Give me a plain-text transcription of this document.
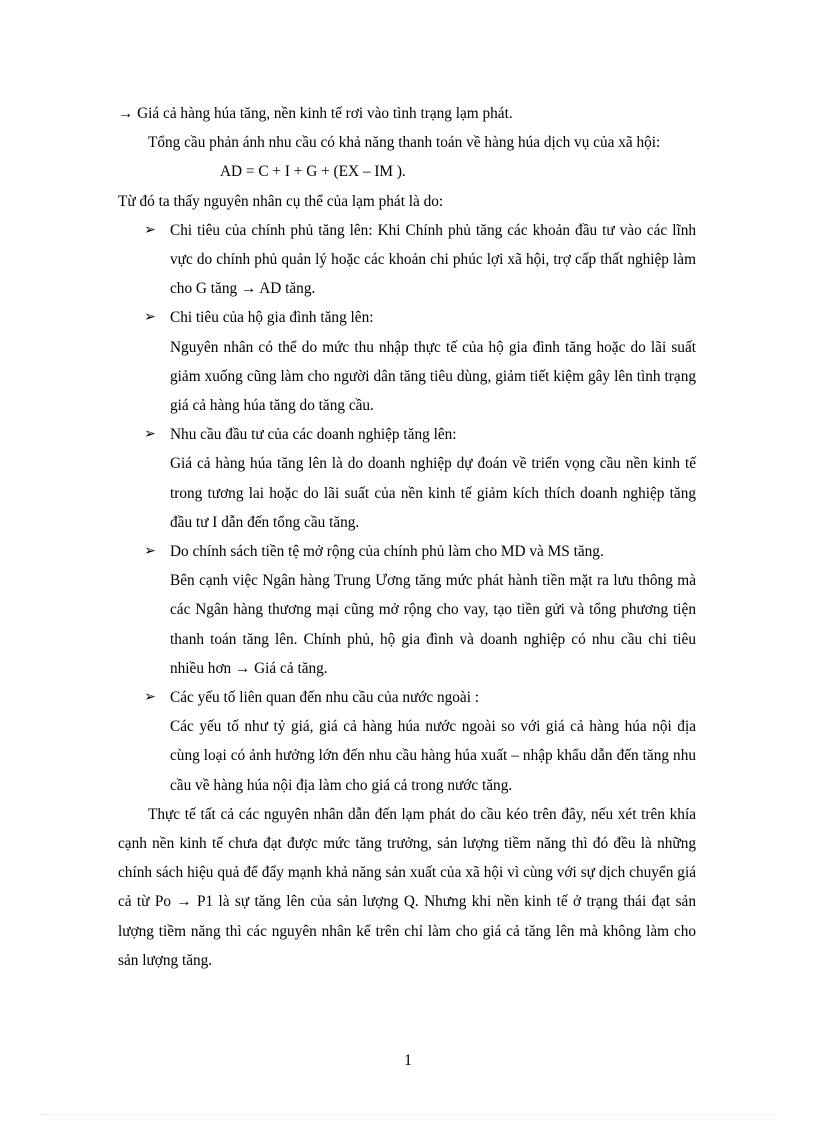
→ Giá cả hàng húa tăng, nền kinh tế rơi vào tình trạng lạm phát.

Tổng cầu phản ánh nhu cầu có khả năng thanh toán về hàng húa dịch vụ của xã hội:

AD = C + I + G + (EX – IM ).

Từ đó ta thấy nguyên nhân cụ thể của lạm phát là do:

➢ Chi tiêu của chính phủ tăng lên: Khi Chính phủ tăng các khoản đầu tư vào các lĩnh vực do chính phủ quản lý hoặc các khoản chi phúc lợi xã hội, trợ cấp thất nghiệp làm cho G tăng → AD tăng.

➢ Chi tiêu của hộ gia đình tăng lên:

Nguyên nhân có thể do mức thu nhập thực tế của hộ gia đình tăng hoặc do lãi suất giảm xuống cũng làm cho người dân tăng tiêu dùng, giảm tiết kiệm gây lên tình trạng giá cả hàng húa tăng do tăng cầu.

➢ Nhu cầu đầu tư của các doanh nghiệp tăng lên:

Giá cả hàng húa tăng lên là do doanh nghiệp dự đoán về triển vọng cầu nền kinh tế trong tương lai hoặc do lãi suất của nền kinh tế giảm kích thích doanh nghiệp tăng đầu tư I dẫn đến tổng cầu tăng.

➢ Do chính sách tiền tệ mở rộng của chính phủ làm cho MD và MS tăng.

Bên cạnh việc Ngân hàng Trung Ương tăng mức phát hành tiền mặt ra lưu thông mà các Ngân hàng thương mại cũng mở rộng cho vay, tạo tiền gửi và tổng phương tiện thanh toán tăng lên. Chính phủ, hộ gia đình và doanh nghiệp có nhu cầu chi tiêu nhiều hơn → Giá cả tăng.

➢ Các yếu tố liên quan đến nhu cầu của nước ngoài :

Các yếu tố như tỷ giá, giá cả hàng húa nước ngoài so với giá cả hàng húa nội địa cùng loại có ảnh hưởng lớn đến nhu cầu hàng húa xuất – nhập khẩu dẫn đến tăng nhu cầu về hàng húa nội địa làm cho giá cả trong nước tăng.

Thực tế tất cả các nguyên nhân dẫn đến lạm phát do cầu kéo trên đây, nếu xét trên khía cạnh nền kinh tế chưa đạt được mức tăng trưởng, sản lượng tiềm năng thì đó đều là những chính sách hiệu quả để đẩy mạnh khả năng sản xuất của xã hội vì cùng với sự dịch chuyển giá cả từ Po → P1 là sự tăng lên của sản lượng Q. Nhưng khi nền kinh tế ở trạng thái đạt sản lượng tiềm năng thì các nguyên nhân kể trên chỉ làm cho giá cả tăng lên mà không làm cho sản lượng tăng.

1
